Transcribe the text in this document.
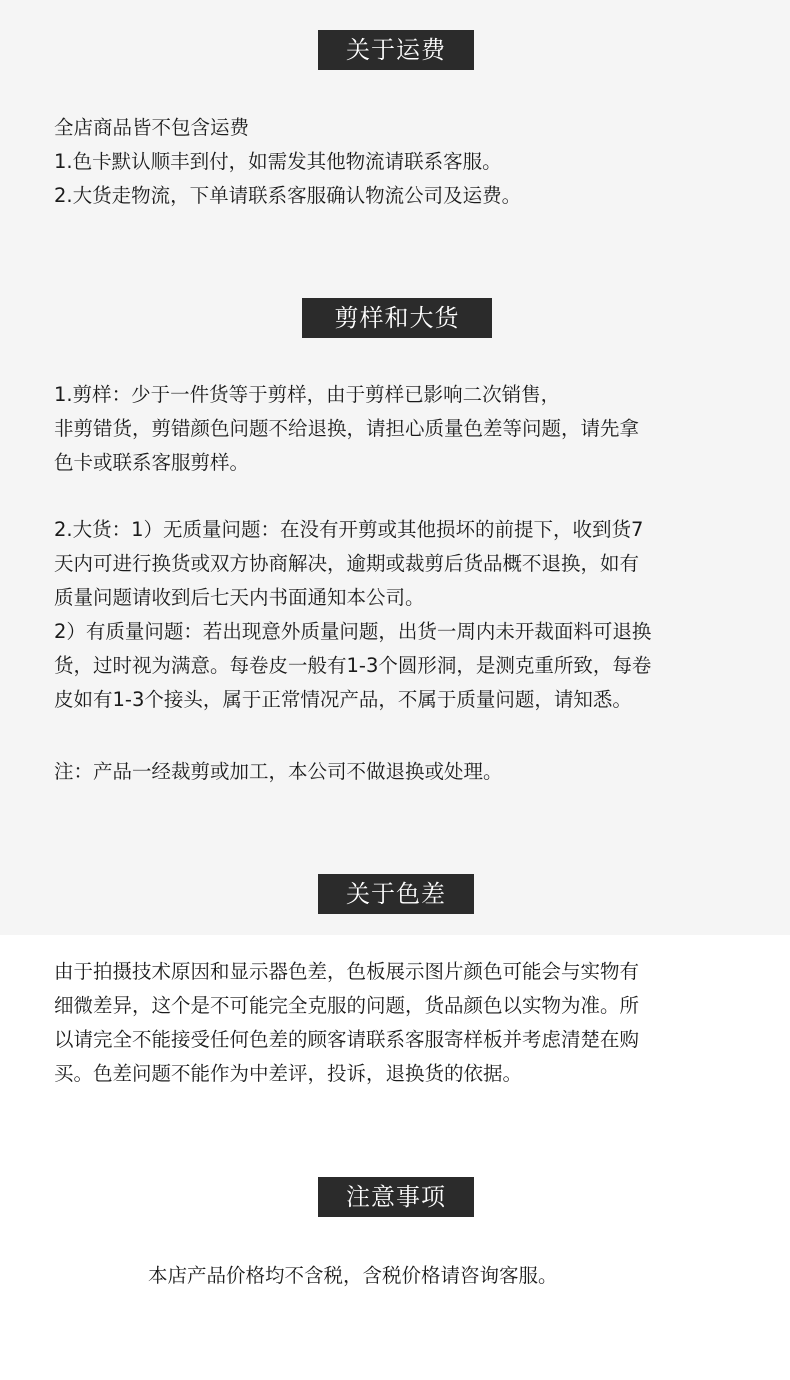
关于运费
全店商品皆不包含运费
1.色卡默认顺丰到付，如需发其他物流请联系客服。
2.大货走物流，下单请联系客服确认物流公司及运费。
剪样和大货
1.剪样：少于一件货等于剪样，由于剪样已影响二次销售，
非剪错货，剪错颜色问题不给退换，请担心质量色差等问题，请先拿
色卡或联系客服剪样。
2.大货：1）无质量问题：在没有开剪或其他损坏的前提下，收到货7
天内可进行换货或双方协商解决，逾期或裁剪后货品概不退换，如有
质量问题请收到后七天内书面通知本公司。
2）有质量问题：若出现意外质量问题，出货一周内未开裁面料可退换
货，过时视为满意。每卷皮一般有1-3个圆形洞，是测克重所致，每卷
皮如有1-3个接头，属于正常情况产品，不属于质量问题，请知悉。
注：产品一经裁剪或加工，本公司不做退换或处理。
关于色差
由于拍摄技术原因和显示器色差，色板展示图片颜色可能会与实物有
细微差异，这个是不可能完全克服的问题，货品颜色以实物为准。所
以请完全不能接受任何色差的顾客请联系客服寄样板并考虑清楚在购
买。色差问题不能作为中差评，投诉，退换货的依据。
注意事项
本店产品价格均不含税，含税价格请咨询客服。
